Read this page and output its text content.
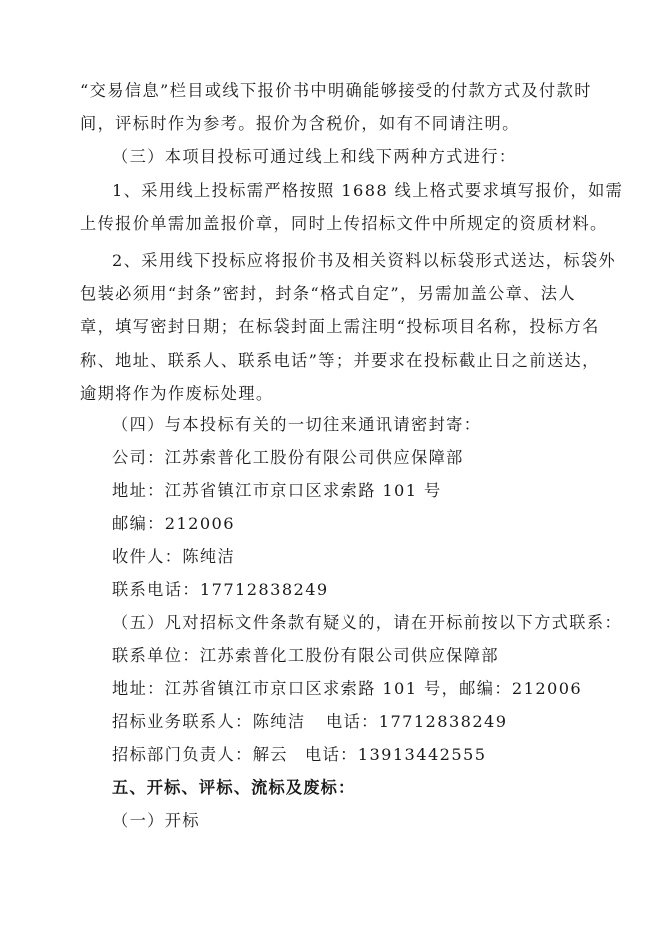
“交易信息”栏目或线下报价书中明确能够接受的付款方式及付款时
间，评标时作为参考。报价为含税价，如有不同请注明。
（三）本项目投标可通过线上和线下两种方式进行：
1、采用线上投标需严格按照 1688 线上格式要求填写报价，如需
上传报价单需加盖报价章，同时上传招标文件中所规定的资质材料。
2、采用线下投标应将报价书及相关资料以标袋形式送达，标袋外
包装必须用“封条”密封，封条“格式自定”，另需加盖公章、法人
章，填写密封日期；在标袋封面上需注明“投标项目名称，投标方名
称、地址、联系人、联系电话”等；并要求在投标截止日之前送达，
逾期将作为作废标处理。
（四）与本投标有关的一切往来通讯请密封寄：
公司：江苏索普化工股份有限公司供应保障部
地址：江苏省镇江市京口区求索路 101 号
邮编：212006
收件人：陈纯洁
联系电话：17712838249
（五）凡对招标文件条款有疑义的，请在开标前按以下方式联系：
联系单位：江苏索普化工股份有限公司供应保障部
地址：江苏省镇江市京口区求索路 101 号，邮编：212006
招标业务联系人：陈纯洁	电话：17712838249
招标部门负责人：解云	电话：13913442555
五、开标、评标、流标及废标：
（一）开标
